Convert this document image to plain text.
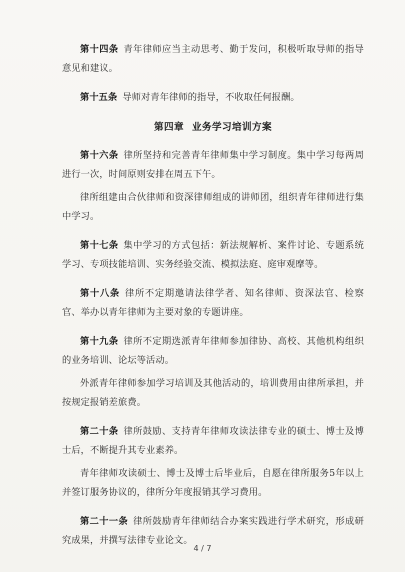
第十四条 青年律师应当主动思考、勤于发问，积极听取导师的指导意见和建议。

第十五条 导师对青年律师的指导，不收取任何报酬。

第四章 业务学习培训方案

第十六条 律所坚持和完善青年律师集中学习制度。集中学习每两周进行一次，时间原则安排在周五下午。

律所组建由合伙律师和资深律师组成的讲师团，组织青年律师进行集中学习。

第十七条 集中学习的方式包括：新法规解析、案件讨论、专题系统学习、专项技能培训、实务经验交流、模拟法庭、庭审观摩等。

第十八条 律所不定期邀请法律学者、知名律师、资深法官、检察官、举办以青年律师为主要对象的专题讲座。

第十九条 律所不定期选派青年律师参加律协、高校、其他机构组织的业务培训、论坛等活动。

外派青年律师参加学习培训及其他活动的，培训费用由律所承担，并按规定报销差旅费。

第二十条 律所鼓励、支持青年律师攻读法律专业的硕士、博士及博士后，不断提升其专业素养。

青年律师攻读硕士、博士及博士后毕业后，自愿在律所服务5年以上并签订服务协议的，律所分年度报销其学习费用。

第二十一条 律所鼓励青年律师结合办案实践进行学术研究，形成研究成果，并撰写法律专业论文。

4 / 7
